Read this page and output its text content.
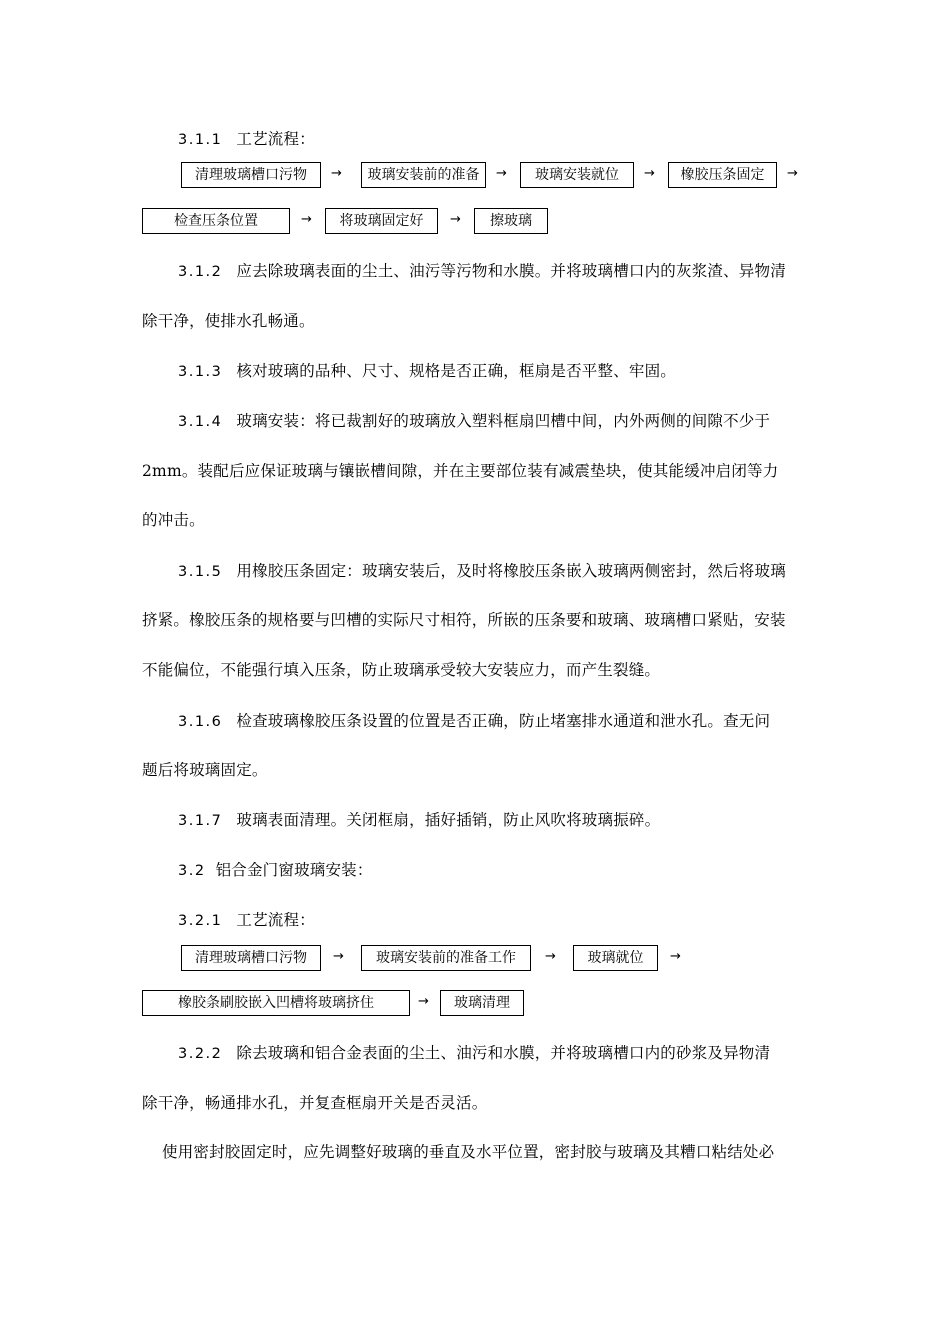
3.1.1 工艺流程：
清理玻璃槽口污物	→	玻璃安装前的准备	→	玻璃安装就位	→	橡胶压条固定	→
检查压条位置	→	将玻璃固定好	→	擦玻璃
3.1.2 应去除玻璃表面的尘土、油污等污物和水膜。并将玻璃槽口内的灰浆渣、异物清
除干净，使排水孔畅通。
3.1.3 核对玻璃的品种、尺寸、规格是否正确，框扇是否平整、牢固。
3.1.4 玻璃安装：将已裁割好的玻璃放入塑料框扇凹槽中间，内外两侧的间隙不少于
2mm。装配后应保证玻璃与镶嵌槽间隙，并在主要部位装有减震垫块，使其能缓冲启闭等力
的冲击。
3.1.5 用橡胶压条固定：玻璃安装后，及时将橡胶压条嵌入玻璃两侧密封，然后将玻璃
挤紧。橡胶压条的规格要与凹槽的实际尺寸相符，所嵌的压条要和玻璃、玻璃槽口紧贴，安装
不能偏位，不能强行填入压条，防止玻璃承受较大安装应力，而产生裂缝。
3.1.6 检查玻璃橡胶压条设置的位置是否正确，防止堵塞排水通道和泄水孔。查无问
题后将玻璃固定。
3.1.7 玻璃表面清理。关闭框扇，插好插销，防止风吹将玻璃振碎。
3.2 铝合金门窗玻璃安装：
3.2.1 工艺流程：
清理玻璃槽口污物	→	玻璃安装前的准备工作	→	玻璃就位	→
橡胶条刷胶嵌入凹槽将玻璃挤住	→	玻璃清理
3.2.2 除去玻璃和铝合金表面的尘土、油污和水膜，并将玻璃槽口内的砂浆及异物清
除干净，畅通排水孔，并复查框扇开关是否灵活。
使用密封胶固定时，应先调整好玻璃的垂直及水平位置，密封胶与玻璃及其糟口粘结处必
